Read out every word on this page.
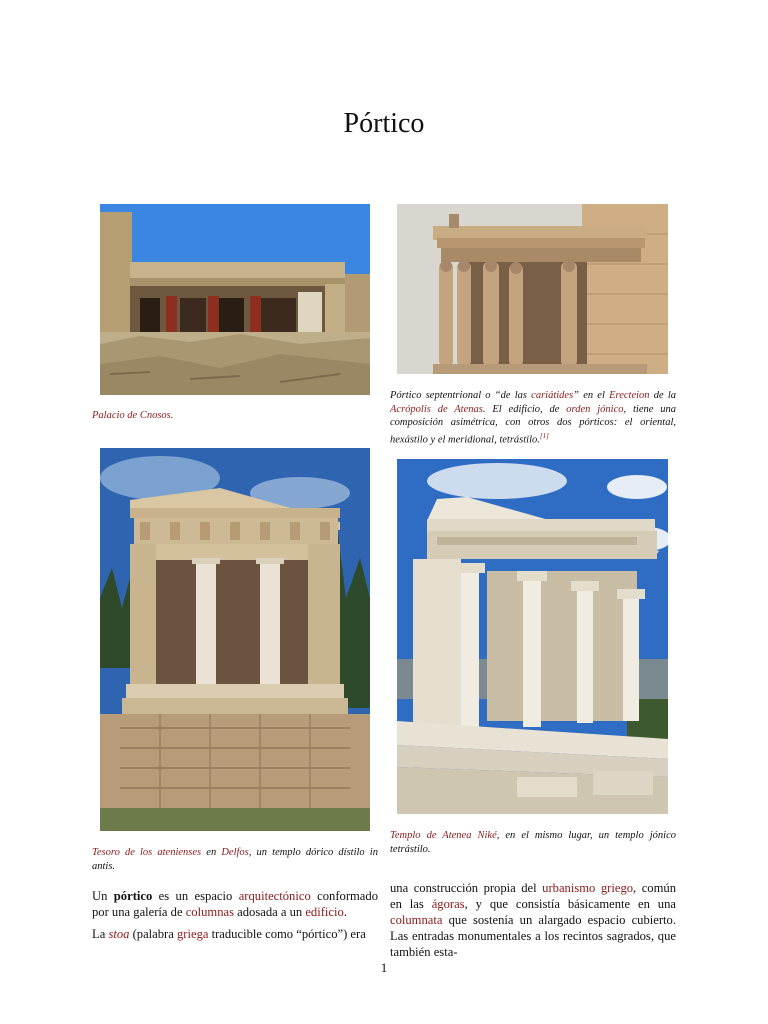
Pórtico
Palacio de Cnosos.
Pórtico septentrional o “de las cariátides” en el Erecteion de la Acrópolis de Atenas. El edificio, de orden jónico, tiene una composición asimétrica, con otros dos pórticos: el oriental, hexástilo y el meridional, tetrástilo.[1]
Tesoro de los atenienses en Delfos, un templo dórico dístilo in antis.
Templo de Atenea Niké, en el mismo lugar, un templo jónico tetrástilo.

Un pórtico es un espacio arquitectónico conformado por una galería de columnas adosada a un edificio.

La stoa (palabra griega traducible como “pórtico”) era

una construcción propia del urbanismo griego, común en las ágoras, y que consistía básicamente en una columnata que sostenía un alargado espacio cubierto. Las entradas monumentales a los recintos sagrados, que también esta-

1
